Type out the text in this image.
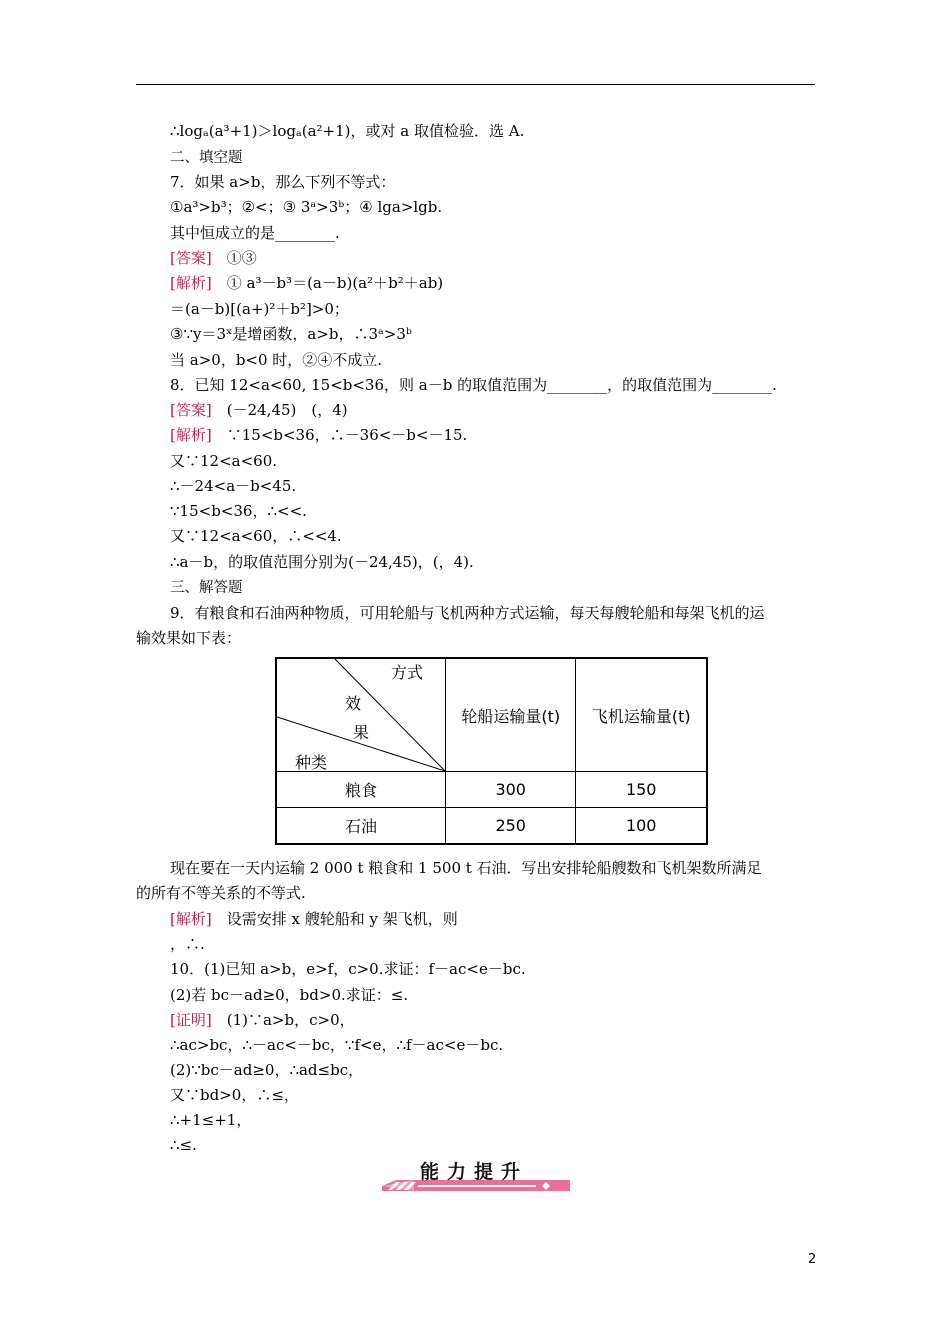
∴logₐ(a³+1)＞logₐ(a²+1)，或对 a 取值检验．选 A.
二、填空题
7．如果 a>b，那么下列不等式：
①a³>b³；②<；③ 3ᵃ>3ᵇ；④ lga>lgb.
其中恒成立的是________.
[答案]　 ①③
[解析]　 ① a³－b³＝(a－b)(a²＋b²＋ab)
＝(a－b)[(a+)²＋b²]>0；
③∵y＝3ˣ是增函数，a>b，∴3ᵃ>3ᵇ
当 a>0，b<0 时，②④不成立.
8．已知 12<a<60, 15<b<36，则 a－b 的取值范围为________，的取值范围为________.
[答案]　 (－24,45)　(，4)
[解析]　 ∵15<b<36，∴－36<－b<－15.
又∵12<a<60.
∴－24<a－b<45.
∵15<b<36，∴<<.
又∵12<a<60，∴<<4.
∴a－b，的取值范围分别为(－24,45)，(，4).
三、解答题
9．有粮食和石油两种物质，可用轮船与飞机两种方式运输，每天每艘轮船和每架飞机的运
输效果如下表：
方式
效
果
种类	轮船运输量(t)	飞机运输量(t)
粮食	300	150
石油	250	100
现在要在一天内运输 2 000 t 粮食和 1 500 t 石油．写出安排轮船艘数和飞机架数所满足
的所有不等关系的不等式.
[解析]　 设需安排 x 艘轮船和 y 架飞机，则
，∴.
10．(1)已知 a>b，e>f，c>0.求证：f－ac<e－bc.
(2)若 bc－ad≥0，bd>0.求证：≤.
[证明]　 (1)∵a>b，c>0，
∴ac>bc，∴－ac<－bc，∵f<e，∴f－ac<e－bc.
(2)∵bc－ad≥0，∴ad≤bc，
又∵bd>0，∴≤，
∴+1≤+1，
∴≤.
能力提升
2
